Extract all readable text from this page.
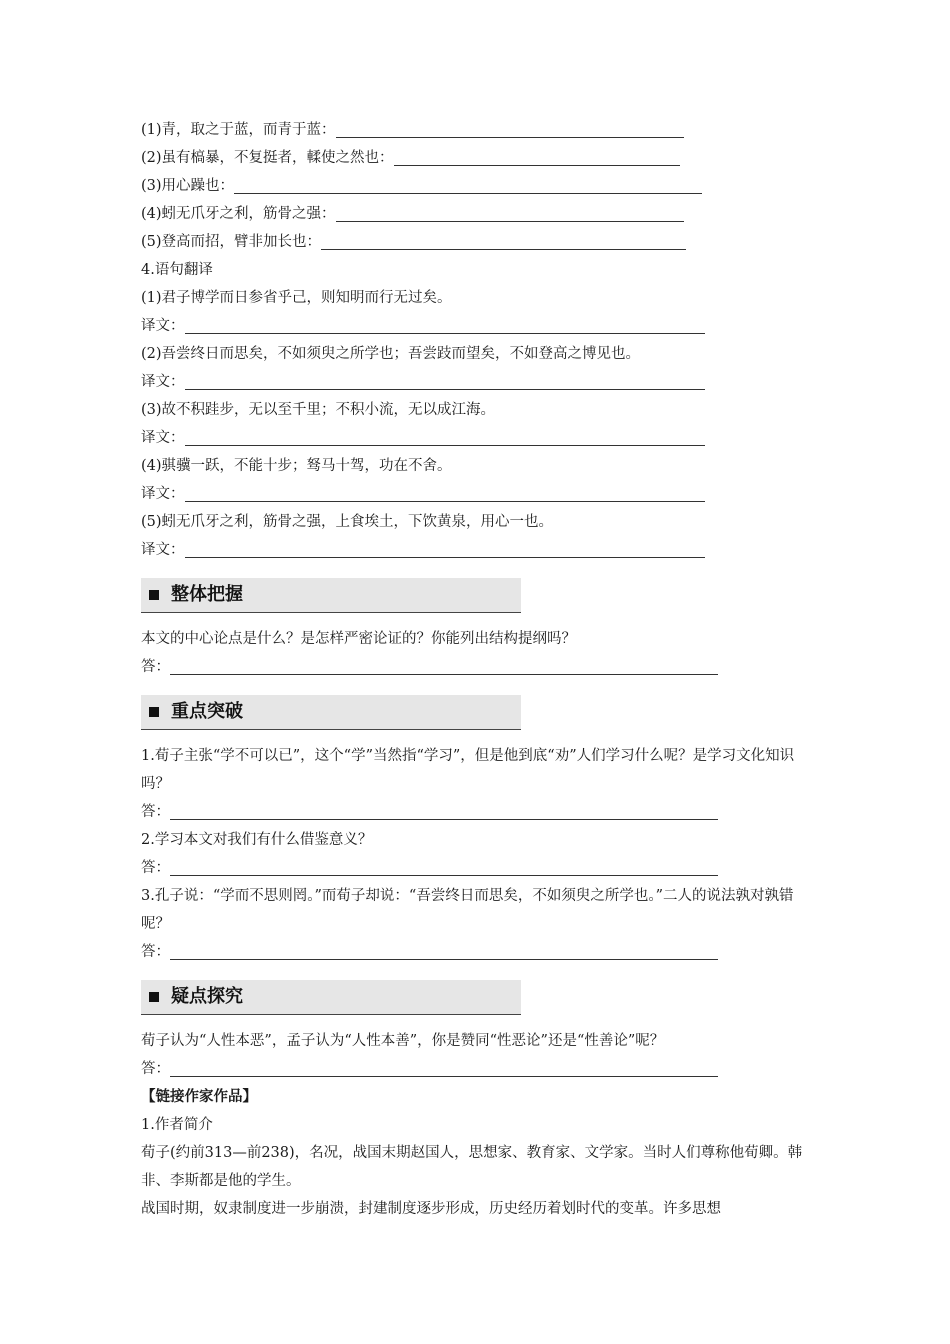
(1)青，取之于蓝，而青于蓝：
(2)虽有槁暴，不复挺者，輮使之然也：
(3)用心躁也：
(4)蚓无爪牙之利，筋骨之强：
(5)登高而招，臂非加长也：
4.语句翻译
(1)君子博学而日参省乎己，则知明而行无过矣。
译文：
(2)吾尝终日而思矣，不如须臾之所学也；吾尝跂而望矣，不如登高之博见也。
译文：
(3)故不积跬步，无以至千里；不积小流，无以成江海。
译文：
(4)骐骥一跃，不能十步；驽马十驾，功在不舍。
译文：
(5)蚓无爪牙之利，筋骨之强，上食埃土，下饮黄泉，用心一也。
译文：
整体把握
本文的中心论点是什么？是怎样严密论证的？你能列出结构提纲吗？
答：
重点突破
1.荀子主张“学不可以已”，这个“学”当然指“学习”，但是他到底“劝”人们学习什么呢？是学习文化知识吗？
答：
2.学习本文对我们有什么借鉴意义？
答：
3.孔子说：“学而不思则罔。”而荀子却说：“吾尝终日而思矣，不如须臾之所学也。”二人的说法孰对孰错呢？
答：
疑点探究
荀子认为“人性本恶”，孟子认为“人性本善”，你是赞同“性恶论”还是“性善论”呢？
答：
【链接作家作品】
1.作者简介
荀子(约前313—前238)，名况，战国末期赵国人，思想家、教育家、文学家。当时人们尊称他荀卿。韩非、李斯都是他的学生。
战国时期，奴隶制度进一步崩溃，封建制度逐步形成，历史经历着划时代的变革。许多思想
